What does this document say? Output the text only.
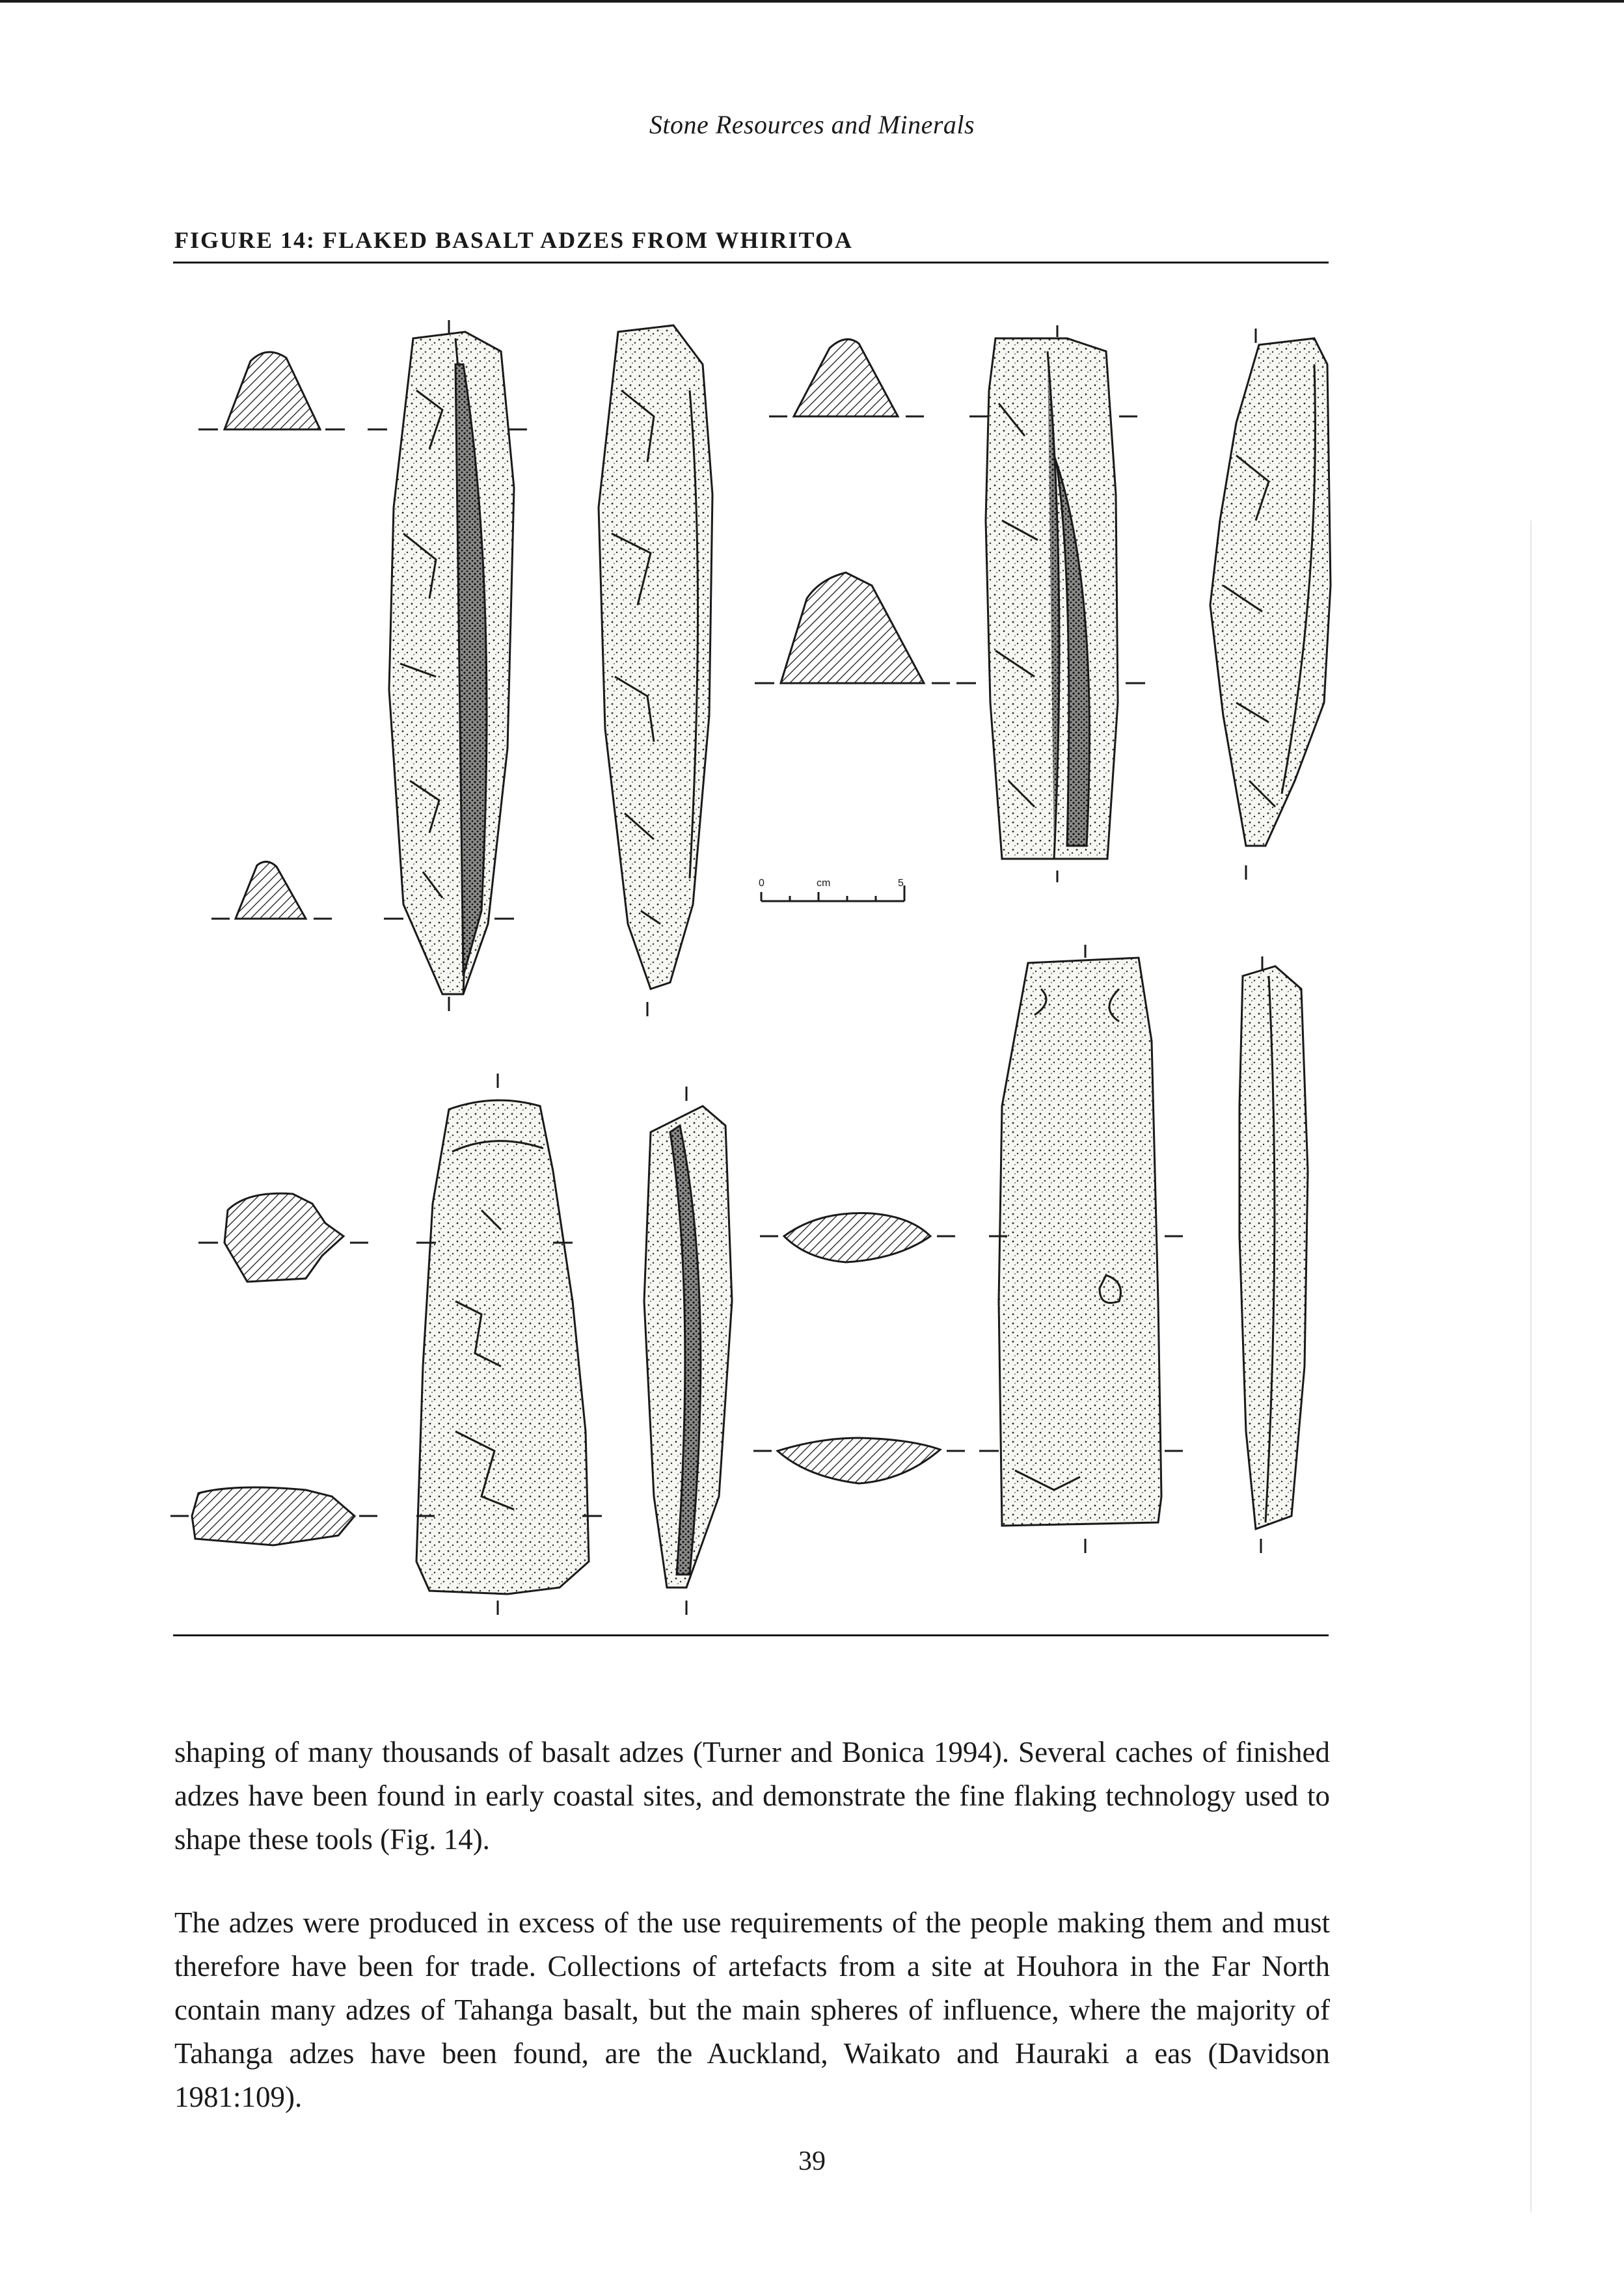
Stone Resources and Minerals
FIGURE 14: FLAKED BASALT ADZES FROM WHIRITOA
0	cm	5

shaping of many thousands of basalt adzes (Turner and Bonica 1994). Several caches of finished adzes have been found in early coastal sites, and demonstrate the fine flaking technology used to shape these tools (Fig. 14).

The adzes were produced in excess of the use requirements of the people making them and must therefore have been for trade. Collections of artefacts from a site at Houhora in the Far North contain many adzes of Tahanga basalt, but the main spheres of influence, where the majority of Tahanga adzes have been found, are the Auckland, Waikato and Hauraki a eas (Davidson 1981:109).

39
